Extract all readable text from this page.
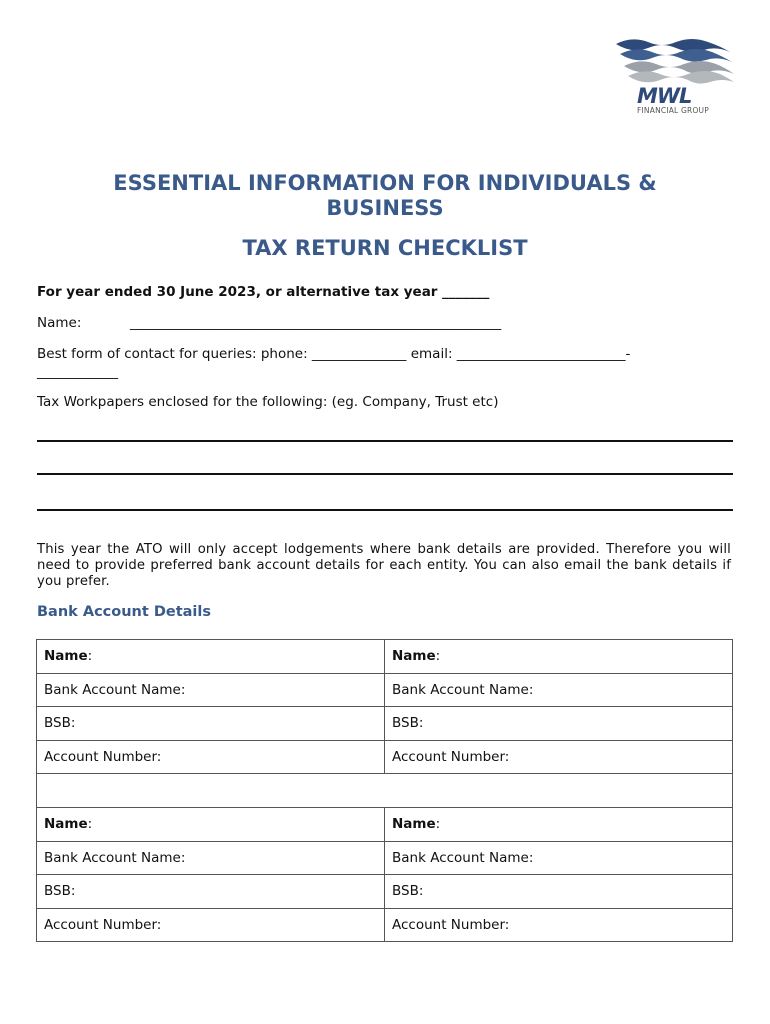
MWL
FINANCIAL GROUP
ESSENTIAL INFORMATION FOR INDIVIDUALS &
BUSINESS
TAX RETURN CHECKLIST
For year ended 30 June 2023, or alternative tax year _______
Name:	_______________________________________________________
Best form of contact for queries: phone: ______________ email: _________________________-
____________
Tax Workpapers enclosed for the following: (eg. Company, Trust etc)
This year the ATO will only accept lodgements where bank details are provided. Therefore you will need to provide preferred bank account details for each entity. You can also email the bank details if you prefer.
Bank Account Details
Name:	Name:
Bank Account Name:	Bank Account Name:
BSB:	BSB:
Account Number:	Account Number:

Name:	Name:
Bank Account Name:	Bank Account Name:
BSB:	BSB:
Account Number:	Account Number:
